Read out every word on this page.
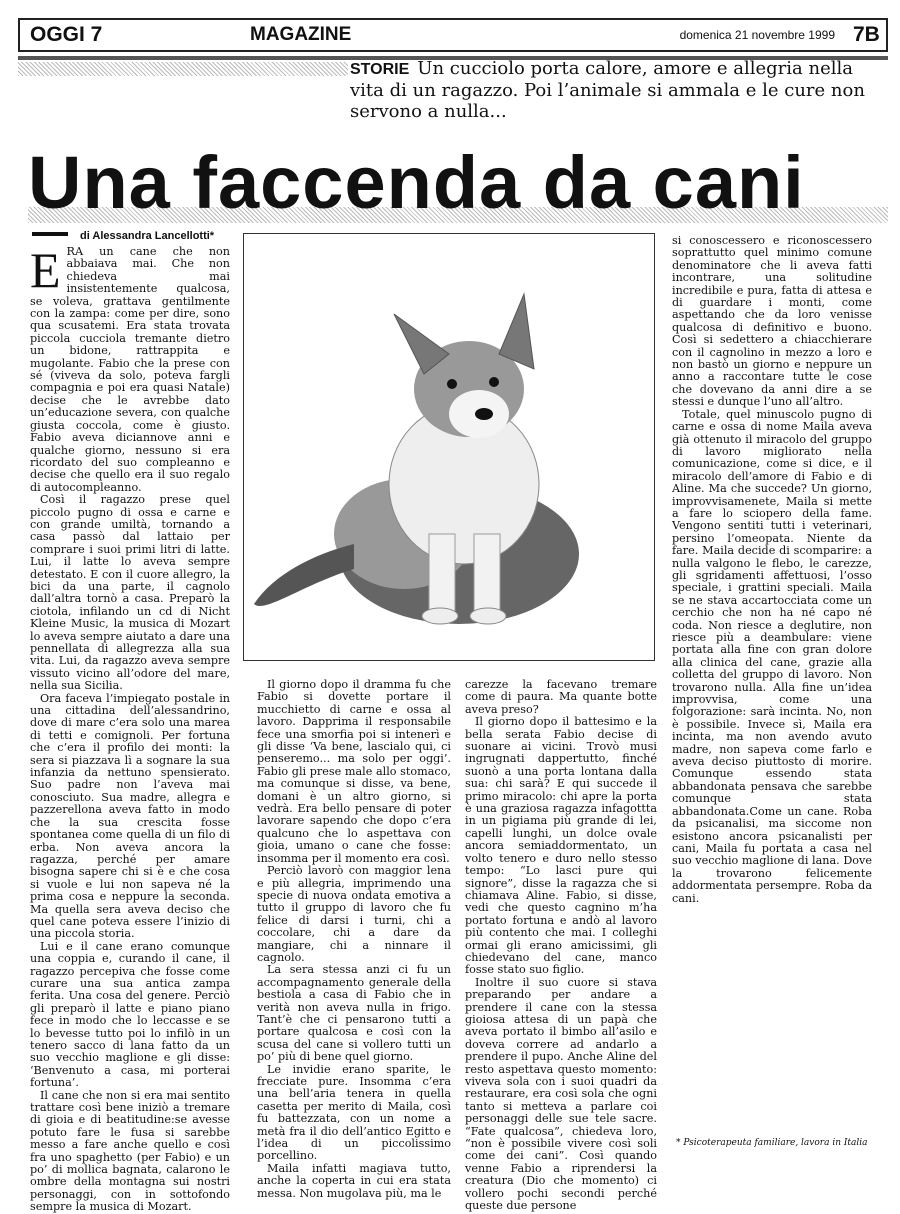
OGGI 7	MAGAZINE	domenica 21 novembre 1999 7B
STORIE Un cucciolo porta calore, amore e allegria nella vita di un ragazzo. Poi l’animale si ammala e le cure non servono a nulla...
Una faccenda da cani
di Alessandra Lancellotti*
E RA un cane che non abbaiava mai. Che non chiedeva mai insistentemente qualcosa, se voleva, grattava gentilmente con la zampa: come per dire, sono qua scusatemi. Era stata trovata piccola cucciola tremante dietro un bidone, rattrappita e mugolante. Fabio che la prese con sé (viveva da solo, poteva fargli compagnia e poi era quasi Natale) decise che le avrebbe dato un’educazione severa, con qualche giusta coccola, come è giusto. Fabio aveva diciannove anni e qualche giorno, nessuno si era ricordato del suo compleanno e decise che quello era il suo regalo di autocompleanno.

Così il ragazzo prese quel piccolo pugno di ossa e carne e con grande umiltà, tornando a casa passò dal lattaio per comprare i suoi primi litri di latte. Lui, il latte lo aveva sempre detestato. E con il cuore allegro, la bici da una parte, il cagnolo dall’altra tornò a casa. Preparò la ciotola, infilando un cd di Nicht Kleine Music, la musica di Mozart lo aveva sempre aiutato a dare una pennellata di allegrezza alla sua vita. Lui, da ragazzo aveva sempre vissuto vicino all’odore del mare, nella sua Sicilia.

Ora faceva l’impiegato postale in una cittadina dell’alessandrino, dove di mare c’era solo una marea di tetti e comignoli. Per fortuna che c’era il profilo dei monti: la sera si piazzava lì a sognare la sua infanzia da nettuno spensierato. Suo padre non l’aveva mai conosciuto. Sua madre, allegra e pazzerellona aveva fatto in modo che la sua crescita fosse spontanea come quella di un filo di erba. Non aveva ancora la ragazza, perché per amare bisogna sapere chi si è e che cosa si vuole e lui non sapeva né la prima cosa e neppure la seconda. Ma quella sera aveva deciso che quel cane poteva essere l’inizio di una piccola storia.

Lui e il cane erano comunque una coppia e, curando il cane, il ragazzo percepiva che fosse come curare una sua antica zampa ferita. Una cosa del genere. Perciò gli preparò il latte e piano piano fece in modo che lo leccasse e se lo bevesse tutto poi lo infilò in un tenero sacco di lana fatto da un suo vecchio maglione e gli disse: ‘Benvenuto a casa, mi porterai fortuna’.

Il cane che non si era mai sentito trattare così bene iniziò a tremare di gioia e di beatitudine:se avesse potuto fare le fusa si sarebbe messo a fare anche quello e così fra uno spaghetto (per Fabio) e un po’ di mollica bagnata, calarono le ombre della montagna sui nostri personaggi, con in sottofondo sempre la musica di Mozart.

Il giorno dopo il dramma fu che Fabio si dovette portare il mucchietto di carne e ossa al lavoro. Dapprima il responsabile fece una smorfia poi si intenerì e gli disse ‘Va bene, lascialo qui, ci penseremo... ma solo per oggi’. Fabio gli prese male allo stomaco, ma comunque si disse, va bene, domani è un altro giorno, si vedrà. Era bello pensare di poter lavorare sapendo che dopo c’era qualcuno che lo aspettava con gioia, umano o cane che fosse: insomma per il momento era così.

Perciò lavorò con maggior lena e più allegria, imprimendo una specie di nuova ondata emotiva a tutto il gruppo di lavoro che fu felice di darsi i turni, chi a coccolare, chi a dare da mangiare, chi a ninnare il cagnolo.

La sera stessa anzi ci fu un accompagnamento generale della bestiola a casa di Fabio che in verità non aveva nulla in frigo. Tant’è che ci pensarono tutti a portare qualcosa e così con la scusa del cane si vollero tutti un po’ più di bene quel giorno.

Le invidie erano sparite, le frecciate pure. Insomma c’era una bell’aria tenera in quella casetta per merito di Maila, così fu battezzata, con un nome a metà fra il dio dell’antico Egitto e l’idea di un piccolissimo porcellino.

Maila infatti magiava tutto, anche la coperta in cui era stata messa. Non mugolava più, ma le

carezze la facevano tremare come di paura. Ma quante botte aveva preso?

Il giorno dopo il battesimo e la bella serata Fabio decise di suonare ai vicini. Trovò musi ingrugnati dappertutto, finché suonò a una porta lontana dalla sua: chi sarà? E qui succede il primo miracolo: chi apre la porta è una graziosa ragazza infagottta in un pigiama più grande di lei, capelli lunghi, un dolce ovale ancora semiaddormentato, un volto tenero e duro nello stesso tempo: “Lo lasci pure qui signore”, disse la ragazza che si chiamava Aline. Fabio, si disse, vedi che questo cagnino m’ha portato fortuna e andò al lavoro più contento che mai. I colleghi ormai gli erano amicissimi, gli chiedevano del cane, manco fosse stato suo figlio.

Inoltre il suo cuore si stava preparando per andare a prendere il cane con la stessa gioiosa attesa di un papà che aveva portato il bimbo all’asilo e doveva correre ad andarlo a prendere il pupo. Anche Aline del resto aspettava questo momento: viveva sola con i suoi quadri da restaurare, era così sola che ogni tanto si metteva a parlare coi personaggi delle sue tele sacre. “Fate qualcosa”, chiedeva loro, “non è possibile vivere così soli come dei cani”. Così quando venne Fabio a riprendersi la creatura (Dio che momento) ci vollero pochi secondi perché queste due persone

si conoscessero e riconoscessero soprattutto quel minimo comune denominatore che li aveva fatti incontrare, una solitudine incredibile e pura, fatta di attesa e di guardare i monti, come aspettando che da loro venisse qualcosa di definitivo e buono. Così si sedettero a chiacchierare con il cagnolino in mezzo a loro e non bastò un giorno e neppure un anno a raccontare tutte le cose che dovevano da anni dire a se stessi e dunque l’uno all’altro.

Totale, quel minuscolo pugno di carne e ossa di nome Maila aveva già ottenuto il miracolo del gruppo di lavoro migliorato nella comunicazione, come si dice, e il miracolo dell’amore di Fabio e di Aline. Ma che succede? Un giorno, improvvisamenete, Maila si mette a fare lo sciopero della fame. Vengono sentiti tutti i veterinari, persino l’omeopata. Niente da fare. Maila decide di scomparire: a nulla valgono le flebo, le carezze, gli sgridamenti affettuosi, l’osso speciale, i grattini speciali. Maila se ne stava accartocciata come un cerchio che non ha né capo né coda. Non riesce a deglutire, non riesce più a deambulare: viene portata alla fine con gran dolore alla clinica del cane, grazie alla colletta del gruppo di lavoro. Non trovarono nulla. Alla fine un’idea improvvisa, come una folgorazione: sarà incinta. No, non è possibile. Invece sì, Maila era incinta, ma non avendo avuto madre, non sapeva come farlo e aveva deciso piuttosto di morire. Comunque essendo stata abbandonata pensava che sarebbe comunque stata abbandonata.Come un cane. Roba da psicanalisi, ma siccome non esistono ancora psicanalisti per cani, Maila fu portata a casa nel suo vecchio maglione di lana. Dove la trovarono felicemente addormentata persempre. Roba da cani.

* Psicoterapeuta familiare, lavora in Italia
